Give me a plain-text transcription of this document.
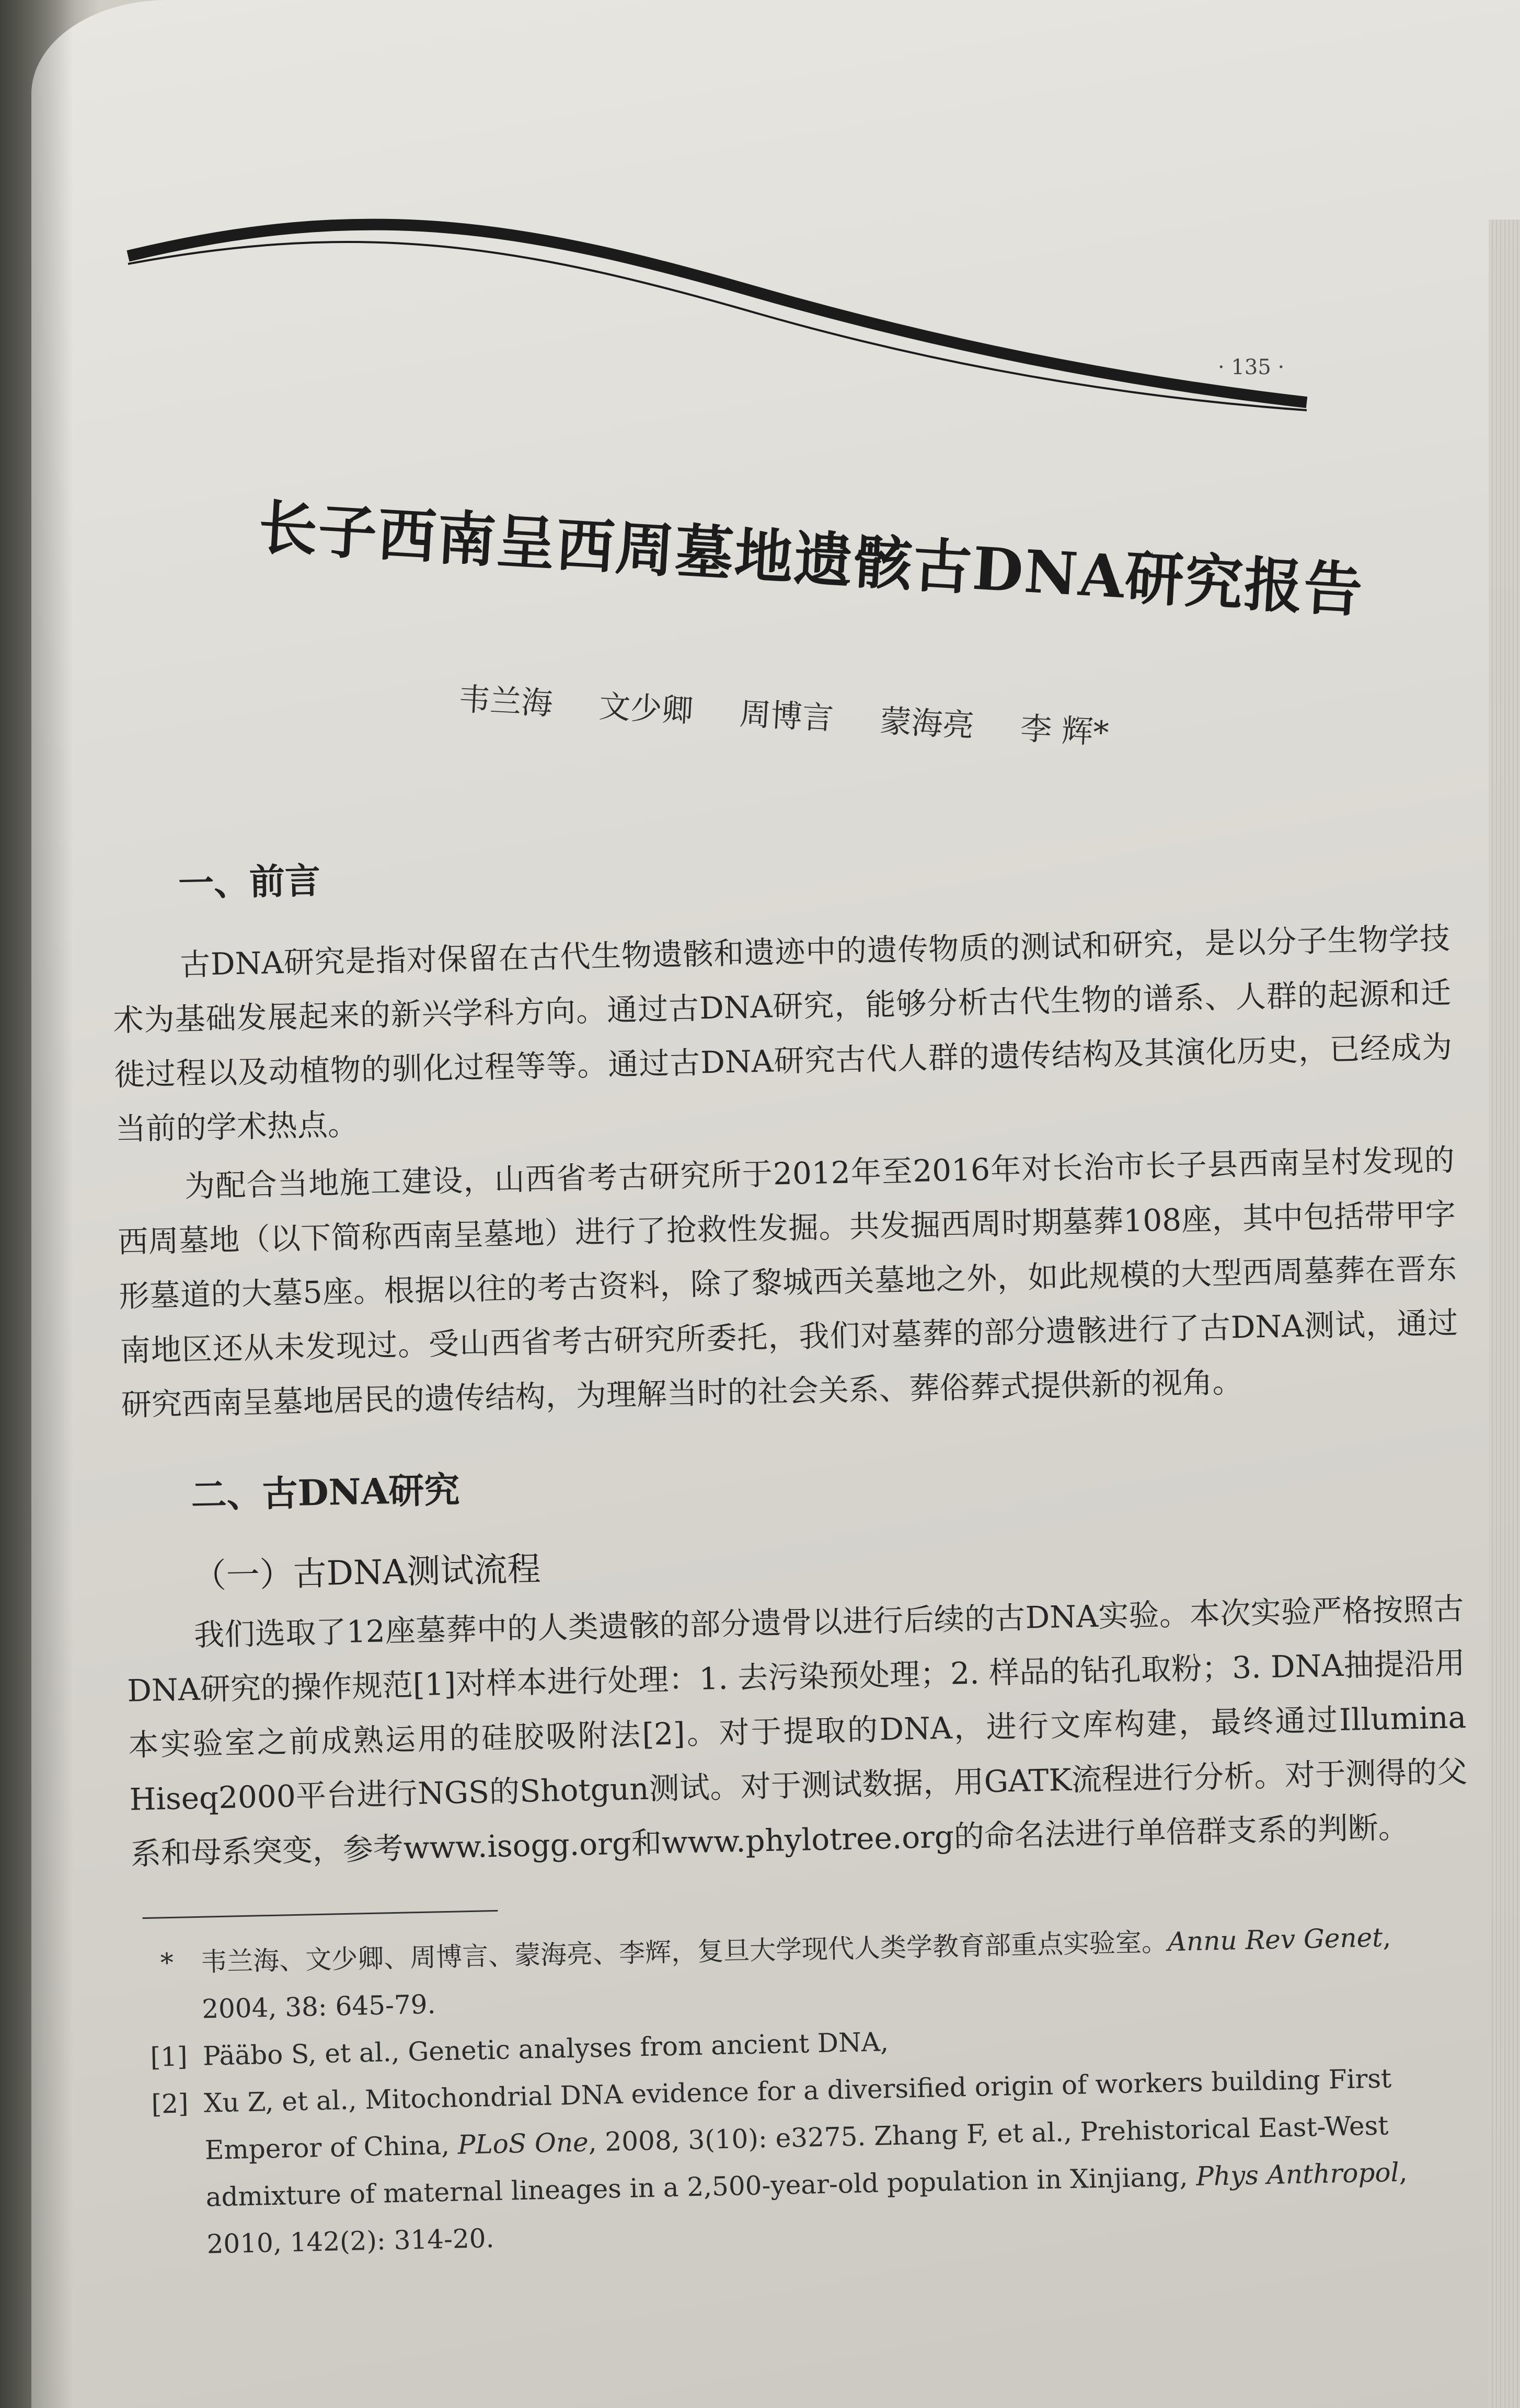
· 135 ·
长子西南呈西周墓地遗骸古DNA研究报告
韦兰海 文少卿 周博言 蒙海亮 李 辉*
一、前言

古DNA研究是指对保留在古代生物遗骸和遗迹中的遗传物质的测试和研究，是以分子生物学技术为基础发展起来的新兴学科方向。通过古DNA研究，能够分析古代生物的谱系、人群的起源和迁徙过程以及动植物的驯化过程等等。通过古DNA研究古代人群的遗传结构及其演化历史，已经成为当前的学术热点。

为配合当地施工建设，山西省考古研究所于2012年至2016年对长治市长子县西南呈村发现的西周墓地（以下简称西南呈墓地）进行了抢救性发掘。共发掘西周时期墓葬108座，其中包括带甲字形墓道的大墓5座。根据以往的考古资料，除了黎城西关墓地之外，如此规模的大型西周墓葬在晋东南地区还从未发现过。受山西省考古研究所委托，我们对墓葬的部分遗骸进行了古DNA测试，通过研究西南呈墓地居民的遗传结构，为理解当时的社会关系、葬俗葬式提供新的视角。

二、古DNA研究
（一）古DNA测试流程

我们选取了12座墓葬中的人类遗骸的部分遗骨以进行后续的古DNA实验。本次实验严格按照古DNA研究的操作规范[1]对样本进行处理：1. 去污染预处理；2. 样品的钻孔取粉；3. DNA抽提沿用本实验室之前成熟运用的硅胶吸附法[2]。对于提取的DNA，进行文库构建，最终通过Illumina Hiseq2000平台进行NGS的Shotgun测试。对于测试数据，用GATK流程进行分析。对于测得的父系和母系突变，参考www.isogg.org和www.phylotree.org的命名法进行单倍群支系的判断。

*	韦兰海、文少卿、周博言、蒙海亮、李辉，复旦大学现代人类学教育部重点实验室。Annu Rev Genet, 2004, 38: 645-79.
[1] Pääbo S, et al., Genetic analyses from ancient DNA,
[2] Xu Z, et al., Mitochondrial DNA evidence for a diversified origin of workers building First Emperor of China, PLoS One, 2008, 3(10): e3275. Zhang F, et al., Prehistorical East-West admixture of maternal lineages in a 2,500-year-old population in Xinjiang, Phys Anthropol, 2010, 142(2): 314-20.
